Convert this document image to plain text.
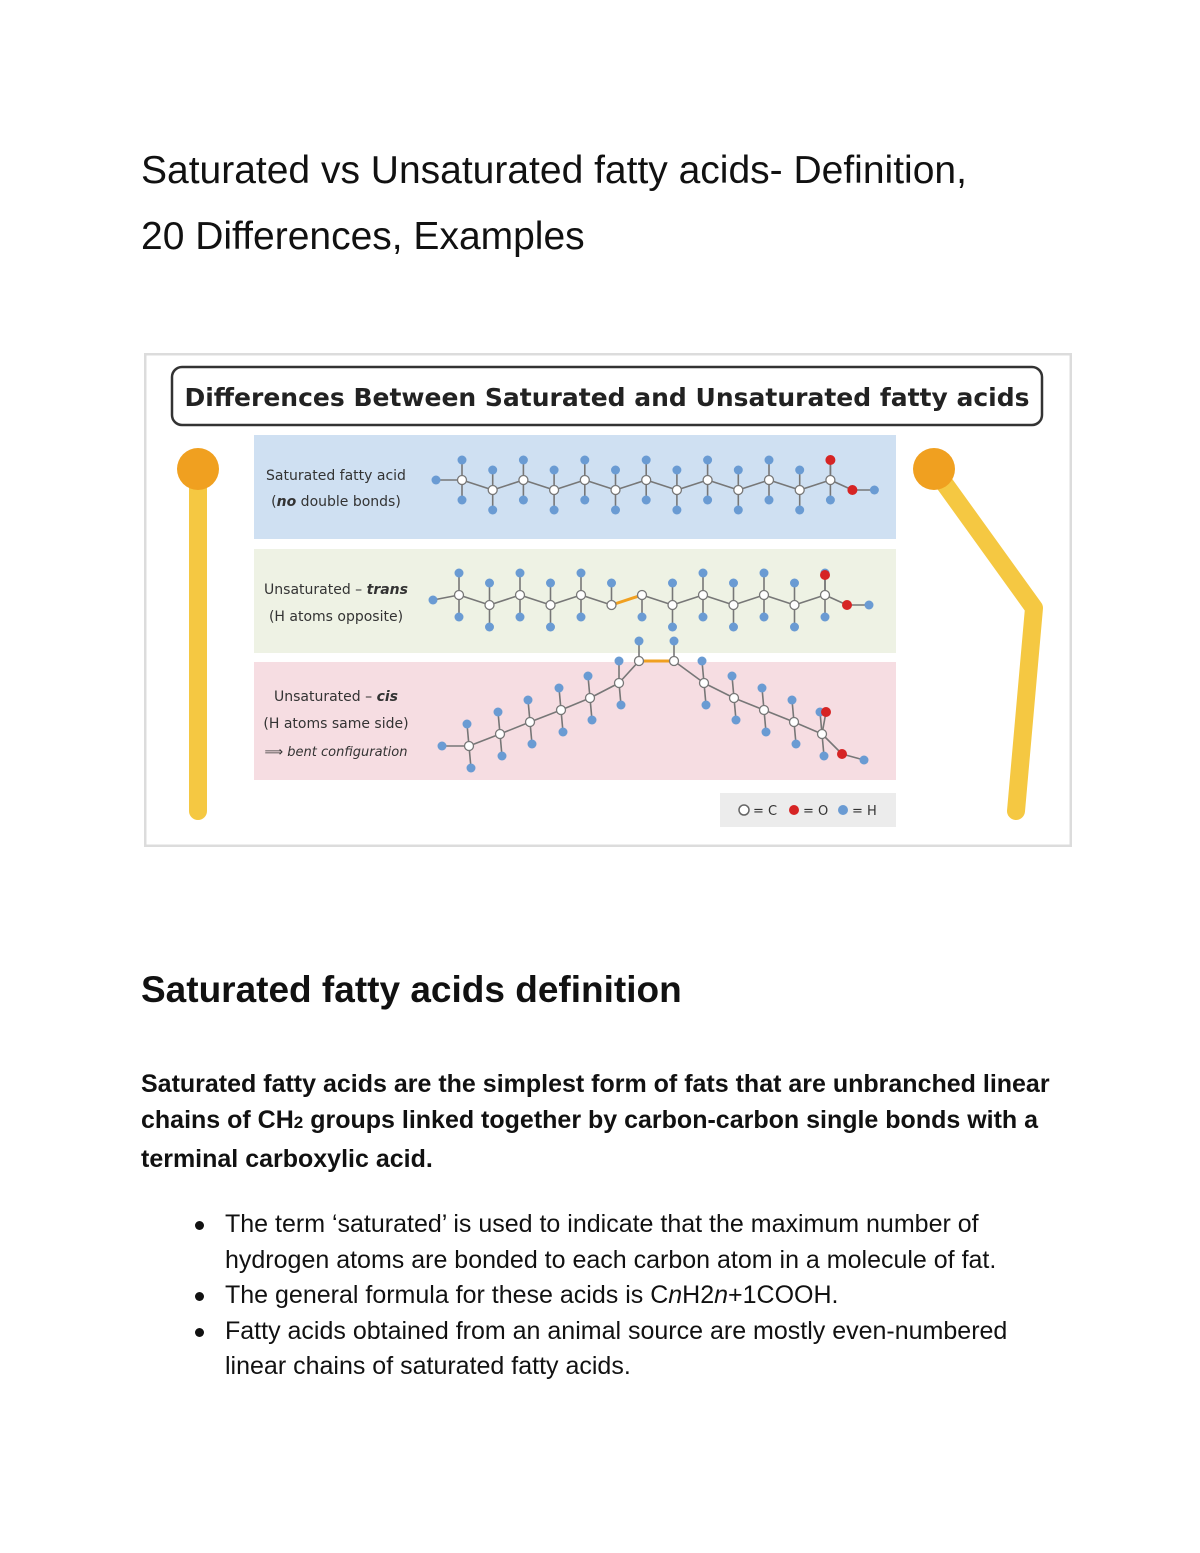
Saturated vs Unsaturated fatty acids- Definition,
20 Differences, Examples
Differences Between Saturated and Unsaturated fatty acids
Saturated fatty acid
(no double bonds)
Unsaturated – trans
(H atoms opposite)
Unsaturated – cis
(H atoms same side)
⟹ bent configuration
= C = O = H
Saturated fatty acids definition

Saturated fatty acids are the simplest form of fats that are unbranched linear chains of CH2 groups linked together by carbon-carbon single bonds with a terminal carboxylic acid.

The term ‘saturated’ is used to indicate that the maximum number of hydrogen atoms are bonded to each carbon atom in a molecule of fat.
The general formula for these acids is CnH2n+1COOH.
Fatty acids obtained from an animal source are mostly even-numbered linear chains of saturated fatty acids.
